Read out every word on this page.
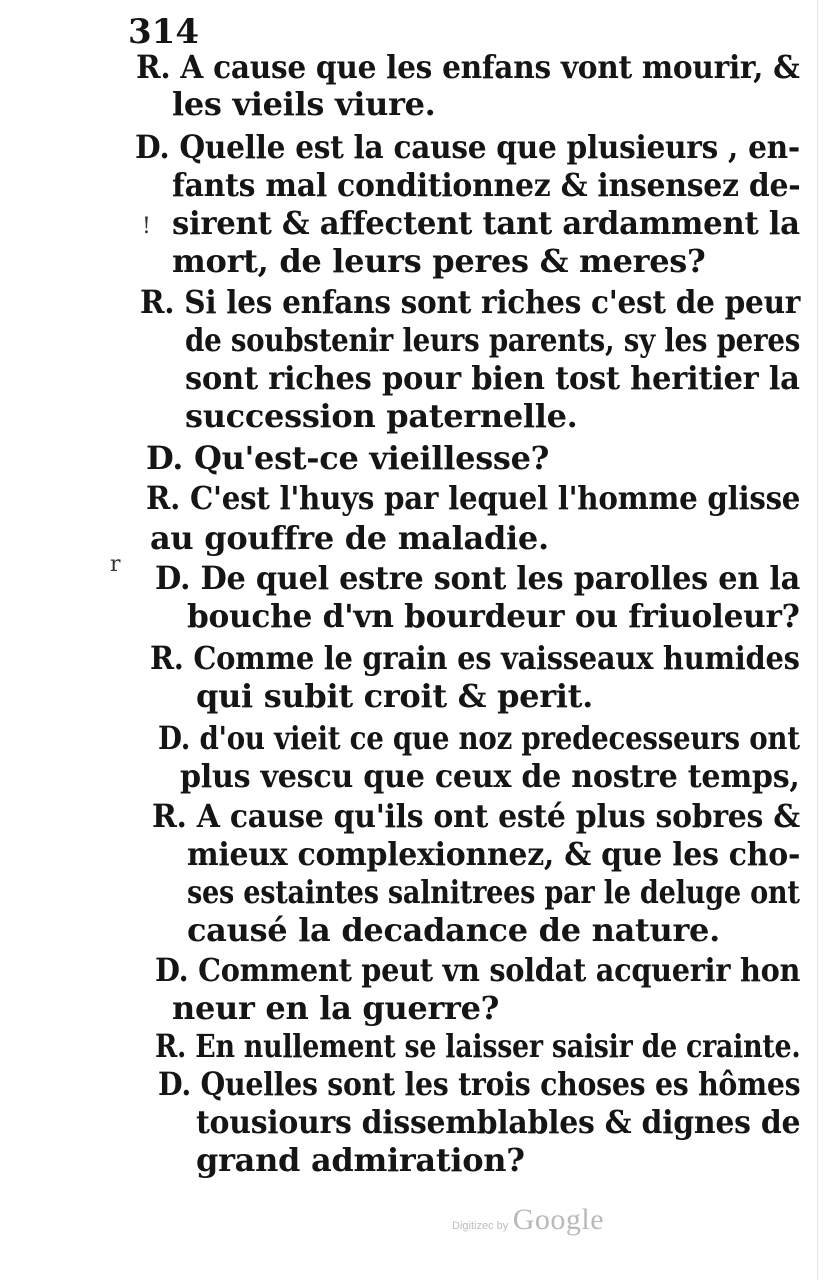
314
R. A cause que les enfans vont mourir, &
les vieils viure.
D. Quelle est la cause que plusieurs , en-
fants mal conditionnez & insensez de-
sirent & affectent tant ardamment la
mort, de leurs peres & meres?
R. Si les enfans sont riches c'est de peur
de soubstenir leurs parents, sy les peres
sont riches pour bien tost heritier la
succession paternelle.
D. Qu'est-ce vieillesse?
R. C'est l'huys par lequel l'homme glisse
au gouffre de maladie.
D. De quel estre sont les parolles en la
bouche d'vn bourdeur ou friuoleur?
R. Comme le grain es vaisseaux humides
qui subit croit & perit.
D. d'ou vieit ce que noz predecesseurs ont
plus vescu que ceux de nostre temps,
R. A cause qu'ils ont esté plus sobres &
mieux complexionnez, & que les cho-
ses estaintes salnitrees par le deluge ont
causé la decadance de nature.
D. Comment peut vn soldat acquerir hon
neur en la guerre?
R. En nullement se laisser saisir de crainte.
D. Quelles sont les trois choses es hômes
tousiours dissemblables & dignes de
grand admiration?
!
r
Digitizec by Google
